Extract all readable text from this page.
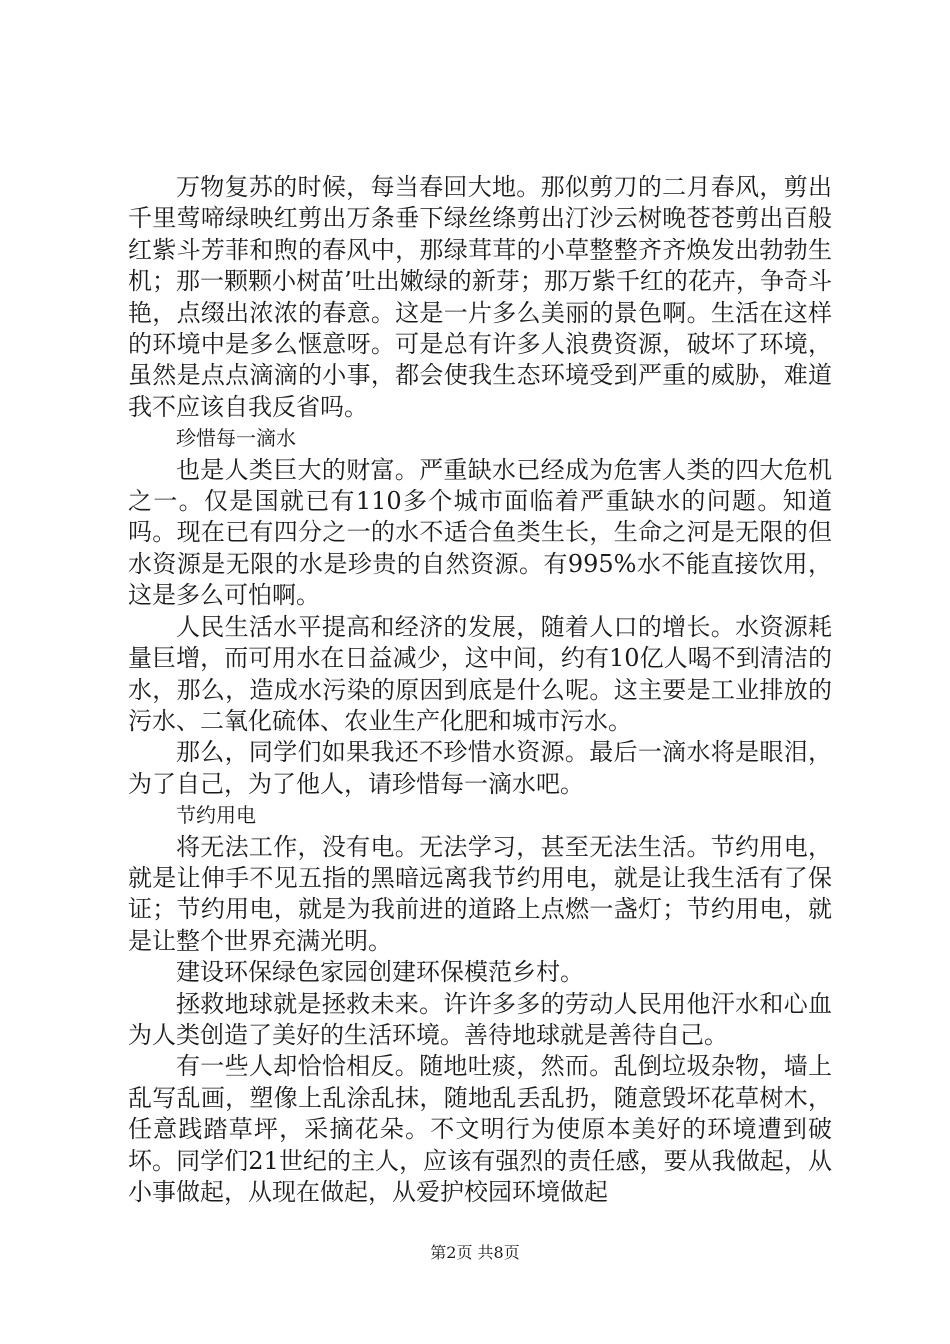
万物复苏的时候，每当春回大地。那似剪刀的二月春风，剪出千里莺啼绿映红剪出万条垂下绿丝绦剪出汀沙云树晚苍苍剪出百般红紫斗芳菲和煦的春风中，那绿茸茸的小草整整齐齐焕发出勃勃生机；那一颗颗小树苗’吐出嫩绿的新芽；那万紫千红的花卉，争奇斗艳，点缀出浓浓的春意。这是一片多么美丽的景色啊。生活在这样的环境中是多么惬意呀。可是总有许多人浪费资源，破坏了环境，虽然是点点滴滴的小事，都会使我生态环境受到严重的威胁，难道我不应该自我反省吗。

珍惜每一滴水

也是人类巨大的财富。严重缺水已经成为危害人类的四大危机之一。仅是国就已有110多个城市面临着严重缺水的问题。知道吗。现在已有四分之一的水不适合鱼类生长，生命之河是无限的但水资源是无限的水是珍贵的自然资源。有995%水不能直接饮用，这是多么可怕啊。

人民生活水平提高和经济的发展，随着人口的增长。水资源耗量巨增，而可用水在日益减少，这中间，约有10亿人喝不到清洁的水，那么，造成水污染的原因到底是什么呢。这主要是工业排放的污水、二氧化硫体、农业生产化肥和城市污水。

那么，同学们如果我还不珍惜水资源。最后一滴水将是眼泪，为了自己，为了他人，请珍惜每一滴水吧。

节约用电

将无法工作，没有电。无法学习，甚至无法生活。节约用电，就是让伸手不见五指的黑暗远离我节约用电，就是让我生活有了保证；节约用电，就是为我前进的道路上点燃一盏灯；节约用电，就是让整个世界充满光明。

建设环保绿色家园创建环保模范乡村。

拯救地球就是拯救未来。许许多多的劳动人民用他汗水和心血为人类创造了美好的生活环境。善待地球就是善待自己。

有一些人却恰恰相反。随地吐痰，然而。乱倒垃圾杂物，墙上乱写乱画，塑像上乱涂乱抹，随地乱丢乱扔，随意毁坏花草树木，任意践踏草坪，采摘花朵。不文明行为使原本美好的环境遭到破坏。同学们21世纪的主人，应该有强烈的责任感，要从我做起，从小事做起，从现在做起，从爱护校园环境做起

第2页 共8页
